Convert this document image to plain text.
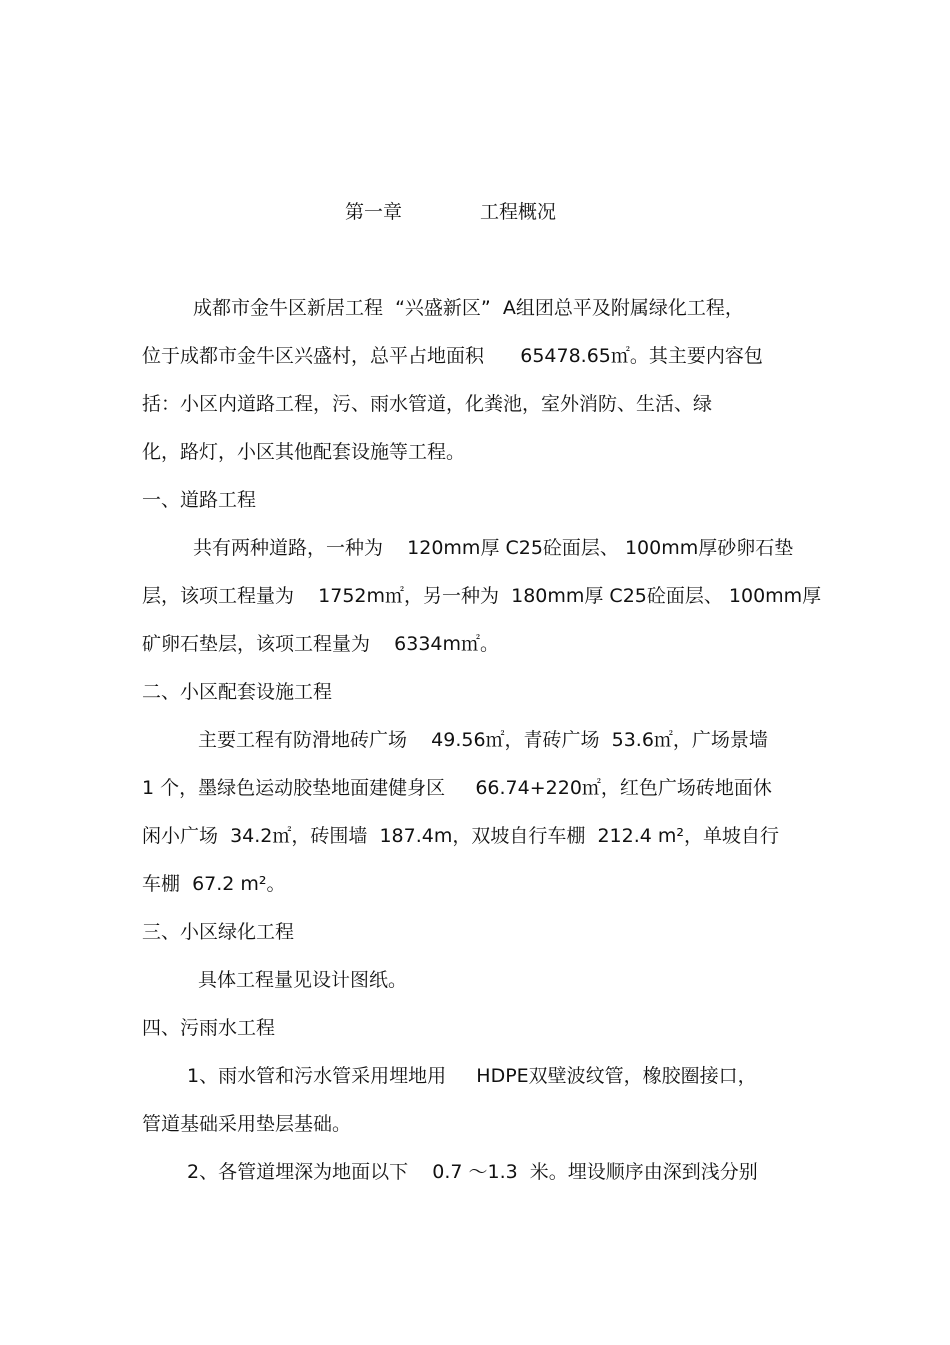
第一章	工程概况
成都市金牛区新居工程  “兴盛新区”  A组团总平及附属绿化工程，
位于成都市金牛区兴盛村，总平占地面积      65478.65㎡。其主要内容包
括：小区内道路工程，污、雨水管道，化粪池，室外消防、生活、绿
化，路灯，小区其他配套设施等工程。
一、道路工程
共有两种道路，一种为    120mm厚 C25砼面层、 100mm厚砂卵石垫
层，该项工程量为    1752m㎡，另一种为  180mm厚 C25砼面层、 100mm厚
矿卵石垫层，该项工程量为    6334m㎡。
二、小区配套设施工程
主要工程有防滑地砖广场    49.56㎡，青砖广场  53.6㎡，广场景墙
1 个，墨绿色运动胶垫地面建健身区     66.74+220㎡，红色广场砖地面休
闲小广场  34.2㎡，砖围墙  187.4m，双坡自行车棚  212.4 m²，单坡自行
车棚  67.2 m²。
三、小区绿化工程
具体工程量见设计图纸。
四、污雨水工程
1、雨水管和污水管采用埋地用     HDPE双壁波纹管，橡胶圈接口，
管道基础采用垫层基础。
2、各管道埋深为地面以下    0.7 ～1.3  米。埋设顺序由深到浅分别
